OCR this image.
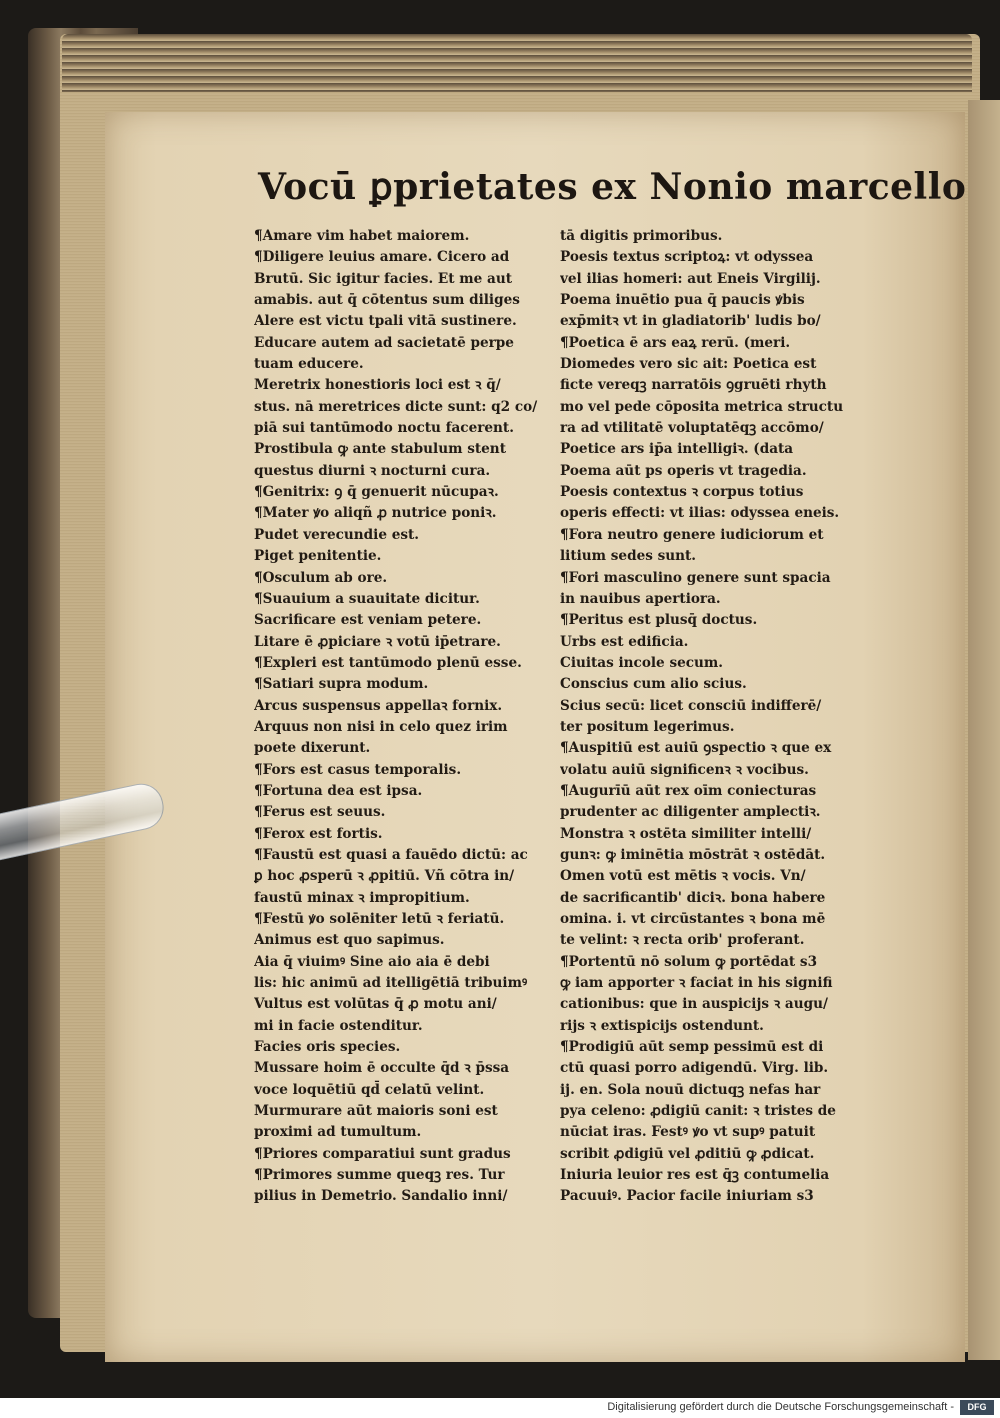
Vocū ꝑprietates ex Nonio marcello
¶Amare vim habet maiorem.
¶Diligere leuius amare. Cicero ad
Brutū. Sic igitur facies. Et me aut
amabis. aut q̄ cōtentus sum diliges
Alere est victu tpali vitā sustinere.
Educare autem ad sacietatē perpe
tuam educere.
Meretrix honestioris loci est ꝛ q̄/
stus. nā meretrices dicte sunt: q2 co/
piā sui tantūmodo noctu facerent.
Prostibula ꝙ ante stabulum stent
questus diurni ꝛ nocturni cura.
¶Genitrix: ꝯ q̄ genuerit nūcupaꝛ.
¶Mater ꝟo aliqñ ꝓ nutrice poniꝛ.
Pudet verecundie est.
Piget penitentie.
¶Osculum ab ore.
¶Suauium a suauitate dicitur.
Sacrificare est veniam petere.
Litare ē ꝓpiciare ꝛ votū ip̄etrare.
¶Expleri est tantūmodo plenū esse.
¶Satiari supra modum.
Arcus suspensus appellaꝛ fornix.
Arquus non nisi in celo quez irim
poete dixerunt.
¶Fors est casus temporalis.
¶Fortuna dea est ipsa.
¶Ferus est seuus.
¶Ferox est fortis.
¶Faustū est quasi a fauēdo dictū: ac
ꝑ hoc ꝓsperū ꝛ ꝓpitiū. Vñ cōtra in/
faustū minax ꝛ impropitium.
¶Festū ꝟo solēniter letū ꝛ feriatū.
Animus est quo sapimus.
Aia q̄ viuimꝰ Sine aio aia ē debi
lis: hic animū ad itelligētiā tribuimꝰ
Vultus est volūtas q̄ ꝓ motu ani/
mi in facie ostenditur.
Facies oris species.
Mussare hoim ē occulte q̄d ꝛ p̄ssa
voce loquētiū qd̄ celatū velint.
Murmurare aūt maioris soni est
proximi ad tumultum.
¶Priores comparatiui sunt gradus
¶Primores summe queqꝫ res. Tur
pilius in Demetrio. Sandalio inni/
tā digitis primoribus.
Poesis textus scriptoꝝ: vt odyssea
vel ilias homeri: aut Eneis Virgilij.
Poema inuētio pua q̄ paucis ꝟbis
exp̄mitꝛ vt in gladiatorib' ludis bo/
¶Poetica ē ars eaꝝ rerū. (meri.
Diomedes vero sic ait: Poetica est
ficte vereqꝫ narratōis ꝯgruēti rhyth
mo vel pede cōposita metrica structu
ra ad vtilitatē voluptatēqꝫ accōmo/
Poetice ars ip̄a intelligiꝛ. (data
Poema aūt ps operis vt tragedia.
Poesis contextus ꝛ corpus totius
operis effecti: vt ilias: odyssea eneis.
¶Fora neutro genere iudiciorum et
litium sedes sunt.
¶Fori masculino genere sunt spacia
in nauibus apertiora.
¶Peritus est plusq̄ doctus.
Urbs est edificia.
Ciuitas incole secum.
Conscius cum alio scius.
Scius secū: licet consciū indifferē/
ter positum legerimus.
¶Auspitiū est auiū ꝯspectio ꝛ que ex
volatu auiū significenꝛ ꝛ vocibus.
¶Augurīū aūt rex oīm coniecturas
prudenter ac diligenter amplectiꝛ.
Monstra ꝛ ostēta similiter intelli/
gunꝛ: ꝙ iminētia mōstrāt ꝛ ostēdāt.
Omen votū est mētis ꝛ vocis. Vn/
de sacrificantib' diciꝛ. bona habere
omina. i. vt circūstantes ꝛ bona mē
te velint: ꝛ recta orib' proferant.
¶Portentū nō solum ꝙ portēdat s3
ꝙ iam apporter ꝛ faciat in his signifi
cationibus: que in auspicijs ꝛ augu/
rijs ꝛ extispicijs ostendunt.
¶Prodigiū aūt semp pessimū est di
ctū quasi porro adigendū. Virg. lib.
ij. en. Sola nouū dictuqꝫ nefas har
pya celeno: ꝓdigiū canit: ꝛ tristes de
nūciat iras. Festꝰ ꝟo vt supꝰ patuit
scribit ꝓdigiū vel ꝓditiū ꝙ ꝓdicat.
Iniuria leuior res est q̄ꝫ contumelia
Pacuuiꝰ. Pacior facile iniuriam s3
Digitalisierung gefördert durch die Deutsche Forschungsgemeinschaft -	DFG
